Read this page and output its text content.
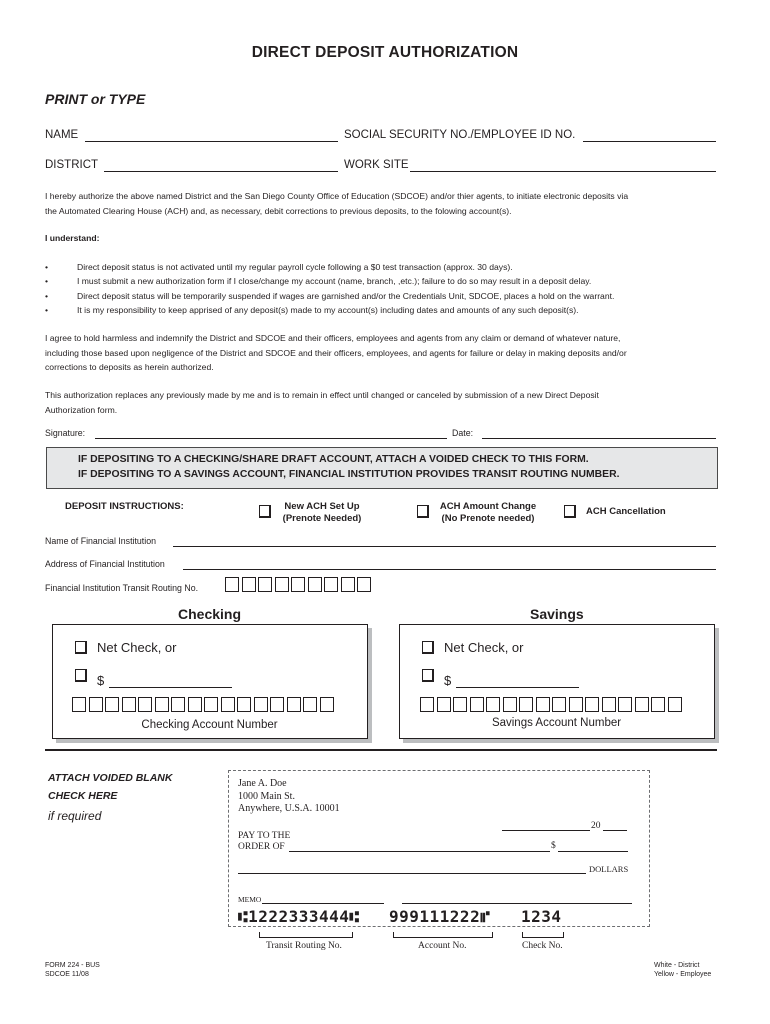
DIRECT DEPOSIT AUTHORIZATION
PRINT or TYPE
NAME	SOCIAL SECURITY NO./EMPLOYEE ID NO.
DISTRICT	WORK SITE
I hereby authorize the above named District and the San Diego County Office of Education (SDCOE) and/or thier agents, to initiate electronic deposits via
the Automated Clearing House (ACH) and, as necessary, debit corrections to previous deposits, to the folowing account(s).
I understand:
• Direct deposit status is not activated until my regular payroll cycle following a $0 test transaction (approx. 30 days).
• I must submit a new authorization form if I close/change my account (name, branch, ,etc.); failure to do so may result in a deposit delay.
• Direct deposit status will be temporarily suspended if wages are garnished and/or the Credentials Unit, SDCOE, places a hold on the warrant.
• It is my responsibility to keep apprised of any deposit(s) made to my account(s) including dates and amounts of any such deposit(s).
I agree to hold harmless and indemnify the District and SDCOE and their officers, employees and agents from any claim or demand of whatever nature,
including those based upon negligence of the District and SDCOE and their officers, employees, and agents for failure or delay in making deposits and/or
corrections to deposits as herein authorized.
This authorization replaces any previously made by me and is to remain in effect until changed or canceled by submission of a new Direct Deposit
Authorization form.
Signature:	Date:
IF DEPOSITING TO A CHECKING/SHARE DRAFT ACCOUNT, ATTACH A VOIDED CHECK TO THIS FORM.
IF DEPOSITING TO A SAVINGS ACCOUNT, FINANCIAL INSTITUTION PROVIDES TRANSIT ROUTING NUMBER.
DEPOSIT INSTRUCTIONS:	New ACH Set Up
(Prenote Needed)
ACH Amount Change
(No Prenote needed)
ACH Cancellation
Name of Financial Institution
Address of Financial Institution
Financial Institution Transit Routing No.
Checking	Savings
Net Check, or
$
Checking Account Number
Net Check, or
$
Savings Account Number
ATTACH VOIDED BLANK
CHECK HERE
if required
Jane A. Doe
1000 Main St.
Anywhere, U.S.A. 10001
20
PAY TO THE
ORDER OF	$
DOLLARS
MEMO
⑆1222333444⑆ 999111222⑈ 1234
Transit Routing No.	Account No.	Check No.
FORM 224 - BUS
SDCOE 11/08
White - District
Yellow - Employee
